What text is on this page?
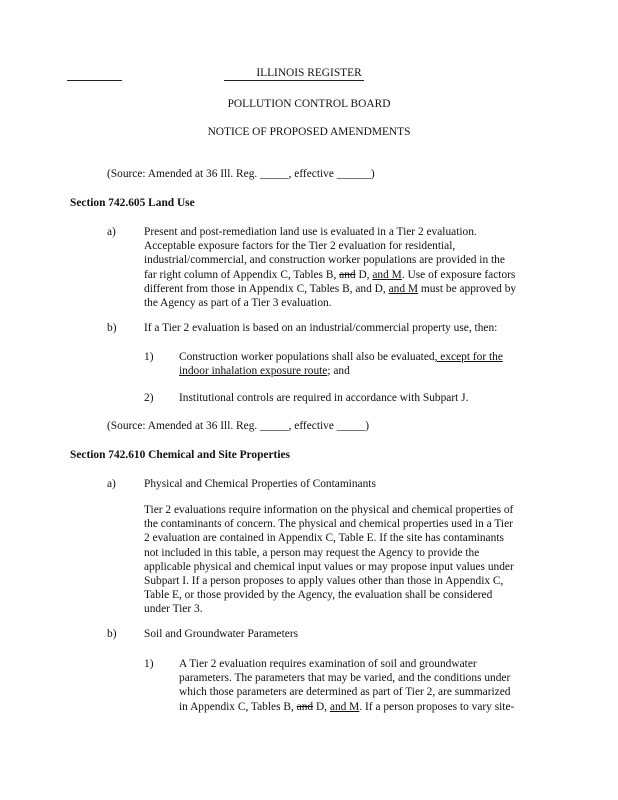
ILLINOIS REGISTER
POLLUTION CONTROL BOARD
NOTICE OF PROPOSED AMENDMENTS
(Source: Amended at 36 Ill. Reg. _____, effective ______)
Section 742.605 Land Use
a) Present and post-remediation land use is evaluated in a Tier 2 evaluation.

Acceptable exposure factors for the Tier 2 evaluation for residential,

industrial/commercial, and construction worker populations are provided in the

far right column of Appendix C, Tables B, and D, and M. Use of exposure factors

different from those in Appendix C, Tables B, and D, and M must be approved by

the Agency as part of a Tier 3 evaluation.

b) If a Tier 2 evaluation is based on an industrial/commercial property use, then:
1) Construction worker populations shall also be evaluated, except for the

indoor inhalation exposure route; and

2) Institutional controls are required in accordance with Subpart J.
(Source: Amended at 36 Ill. Reg. _____, effective _____)
Section 742.610 Chemical and Site Properties
a) Physical and Chemical Properties of Contaminants

Tier 2 evaluations require information on the physical and chemical properties of

the contaminants of concern. The physical and chemical properties used in a Tier

2 evaluation are contained in Appendix C, Table E. If the site has contaminants

not included in this table, a person may request the Agency to provide the

applicable physical and chemical input values or may propose input values under

Subpart I. If a person proposes to apply values other than those in Appendix C,

Table E, or those provided by the Agency, the evaluation shall be considered

under Tier 3.

b) Soil and Groundwater Parameters
1) A Tier 2 evaluation requires examination of soil and groundwater

parameters. The parameters that may be varied, and the conditions under

which those parameters are determined as part of Tier 2, are summarized

in Appendix C, Tables B, and D, and M. If a person proposes to vary site-
